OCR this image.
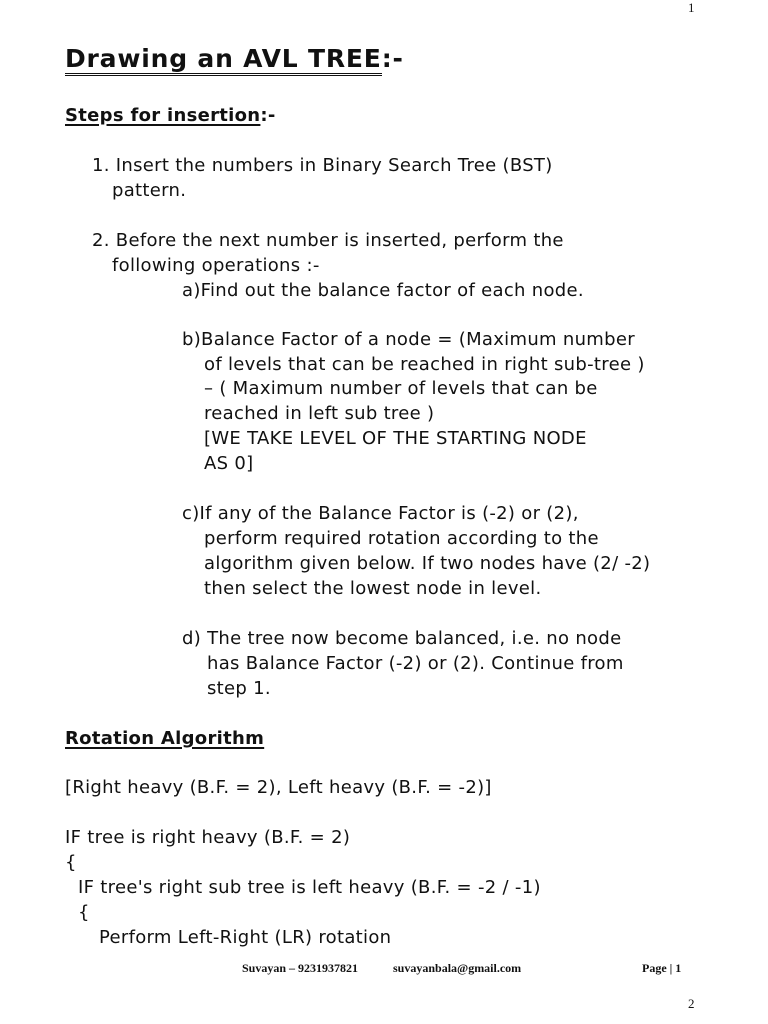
1
2
Drawing an AVL TREE:-
Steps for insertion:-
1. Insert the numbers in Binary Search Tree (BST)
pattern.
2. Before the next number is inserted, perform the
following operations :-
a)Find out the balance factor of each node.
b)Balance Factor of a node = (Maximum number
of levels that can be reached in right sub-tree )
– ( Maximum number of levels that can be
reached in left sub tree )
[WE TAKE LEVEL OF THE STARTING NODE
AS 0]
c)If any of the Balance Factor is (-2) or (2),
perform required rotation according to the
algorithm given below. If two nodes have (2/ -2)
then select the lowest node in level.
d) The tree now become balanced, i.e. no node
has Balance Factor (-2) or (2). Continue from
step 1.
Rotation Algorithm
[Right heavy (B.F. = 2), Left heavy (B.F. = -2)]
IF tree is right heavy (B.F. = 2)
{
IF tree's right sub tree is left heavy (B.F. = -2 / -1)
{
Perform Left-Right (LR) rotation
Suvayan – 9231937821	suvayanbala@gmail.com	Page | 1
